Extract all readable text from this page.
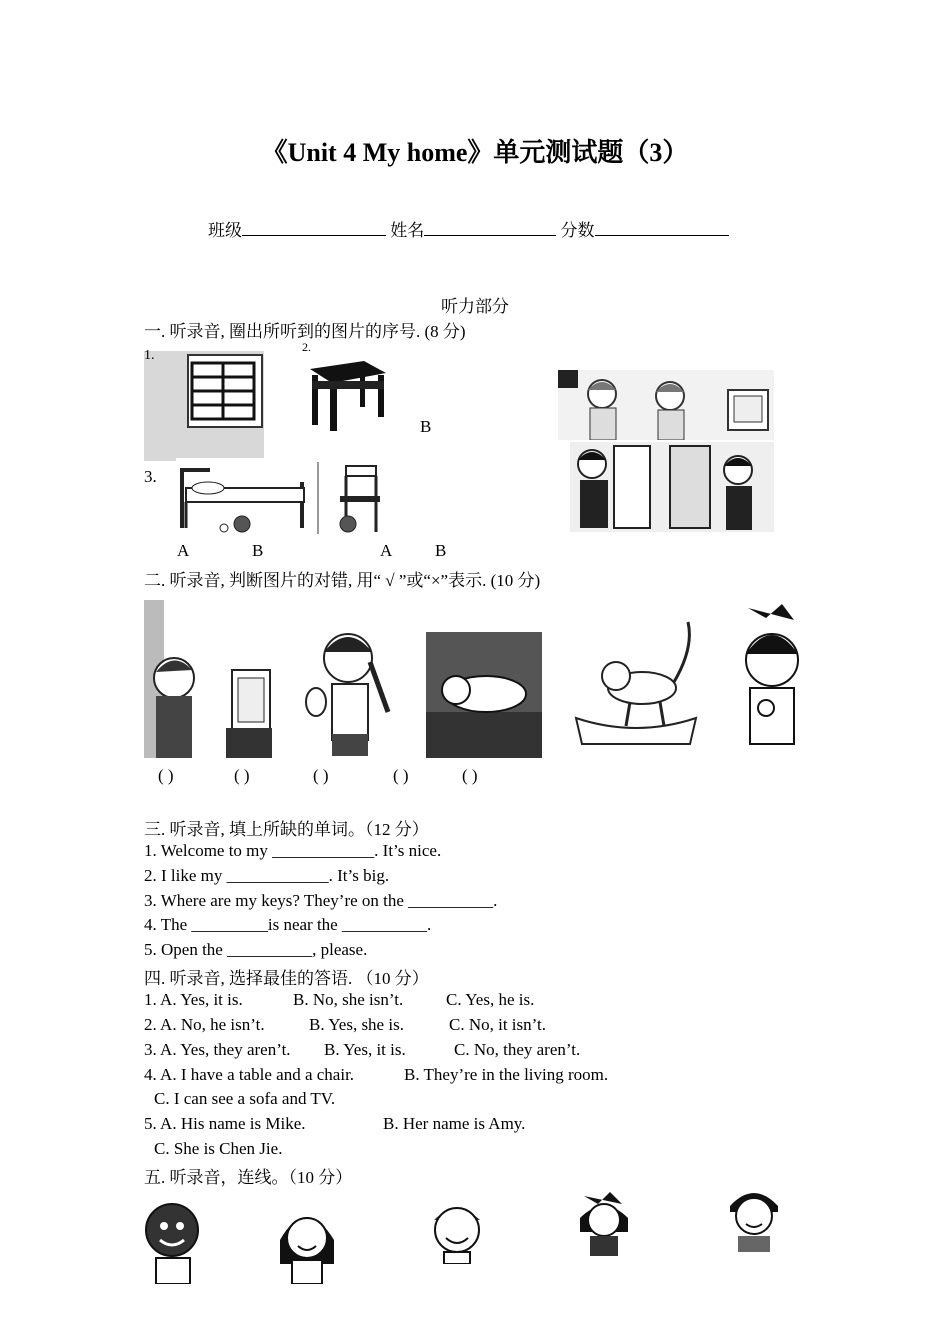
《Unit 4 My home》单元测试题（3）
班级	姓名	分数
听力部分
一. 听录音, 圈出所听到的图片的序号. (8 分)
1.
2.
B
3.
A	B	A	B
二. 听录音, 判断图片的对错, 用“ √ ”或“×”表示. (10 分)
( )	( )	( )	( )	( )
三. 听录音, 填上所缺的单词。（12 分）
1. Welcome to my ____________. It’s nice.
2. I like my ____________. It’s big.
3. Where are my keys? They’re on the __________.
4. The _________is near the __________.
5. Open the __________, please.
四. 听录音, 选择最佳的答语. （10 分）
1. A. Yes, it is.	B. No, she isn’t.	C. Yes, he is.
2. A. No, he isn’t.	B. Yes, she is.	C. No, it isn’t.
3. A. Yes, they aren’t. B. Yes, it is.	C. No, they aren’t.
4. A. I have a table and a chair.	B. They’re in the living room.
C. I can see a sofa and TV.
5. A. His name is Mike.	B. Her name is Amy.
C. She is Chen Jie.
五. 听录音，连线。（10 分）
